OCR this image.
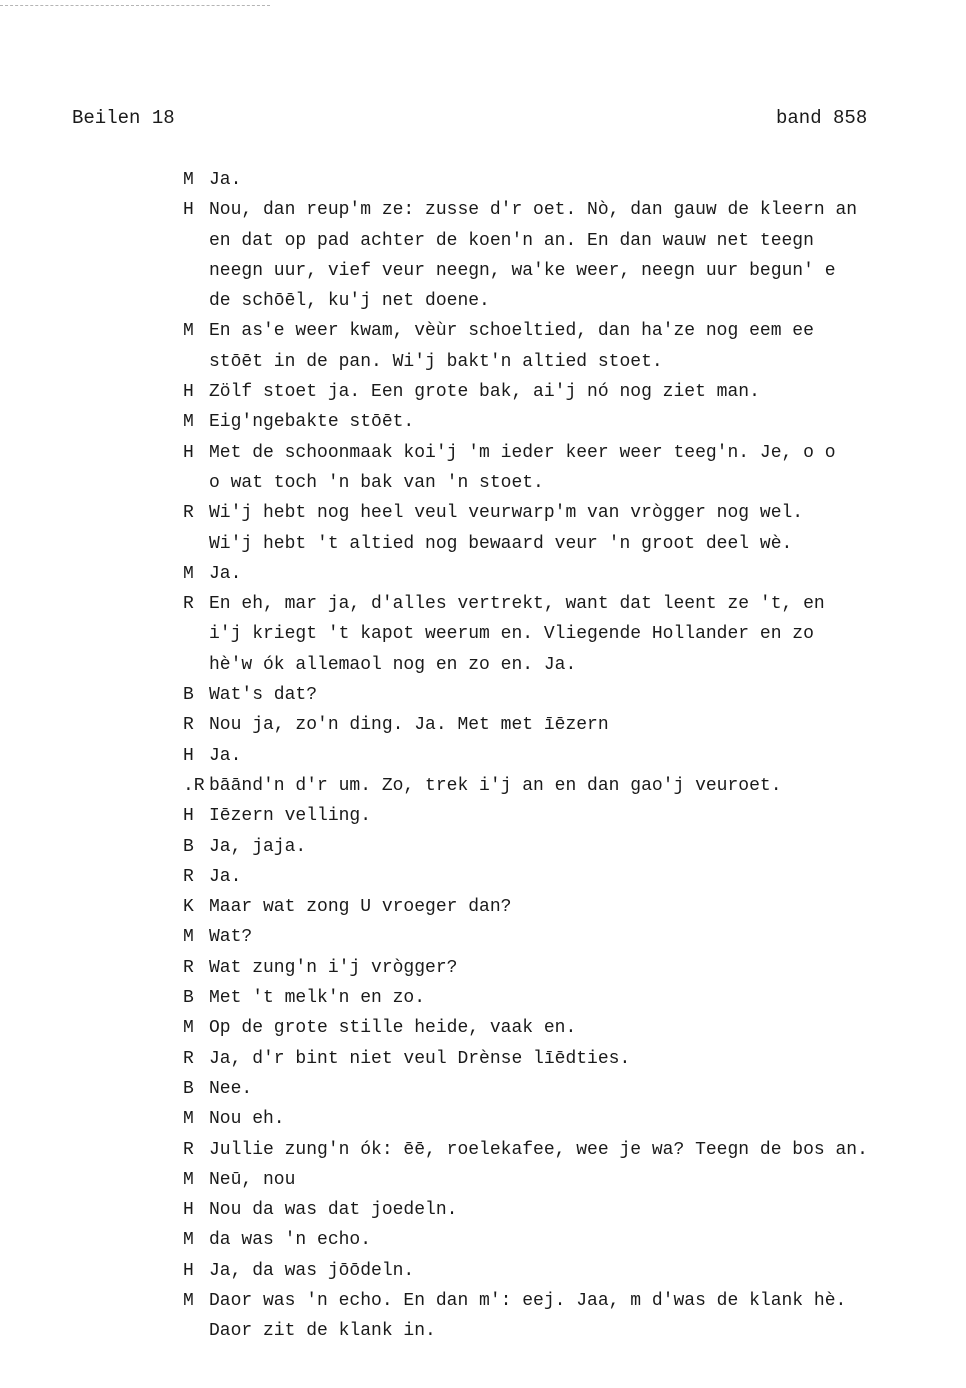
Beilen 18	band 858
M Ja.
H Nou, dan reup'm ze: zusse d'r oet. Nò, dan gauw de kleern an
en dat op pad achter de koen'n an. En dan wauw net teegn
neegn uur, vief veur neegn, wa'ke weer, neegn uur begun' e
de schōēl, ku'j net doene.
M En as'e weer kwam, vèùr schoeltied, dan ha'ze nog eem ee
stōēt in de pan. Wi'j bakt'n altied stoet.
H Zölf stoet ja. Een grote bak, ai'j nó nog ziet man.
M Eig'ngebakte stōēt.
H Met de schoonmaak koi'j 'm ieder keer weer teeg'n. Je, o o
o wat toch 'n bak van 'n stoet.
R Wi'j hebt nog heel veul veurwarp'm van vrògger nog wel.
Wi'j hebt 't altied nog bewaard veur 'n groot deel wè.
M Ja.
R En eh, mar ja, d'alles vertrekt, want dat leent ze 't, en
i'j kriegt 't kapot weerum en. Vliegende Hollander en zo
hè'w ók allemaol nog en zo en. Ja.
B Wat's dat?
R Nou ja, zo'n ding. Ja. Met met īēzern
H Ja.
.R bāānd'n d'r um. Zo, trek i'j an en dan gao'j veuroet.
H Iēzern velling.
B Ja, jaja.
R Ja.
K Maar wat zong U vroeger dan?
M Wat?
R Wat zung'n i'j vrògger?
B Met 't melk'n en zo.
M Op de grote stille heide, vaak en.
R Ja, d'r bint niet veul Drènse līēdties.
B Nee.
M Nou eh.
R Jullie zung'n ók: ēē, roelekafee, wee je wa? Teegn de bos an.
M Neū, nou
H Nou da was dat joedeln.
M da was 'n echo.
H Ja, da was jōōdeln.
M Daor was 'n echo. En dan m': eej. Jaa, m d'was de klank hè.
Daor zit de klank in.
